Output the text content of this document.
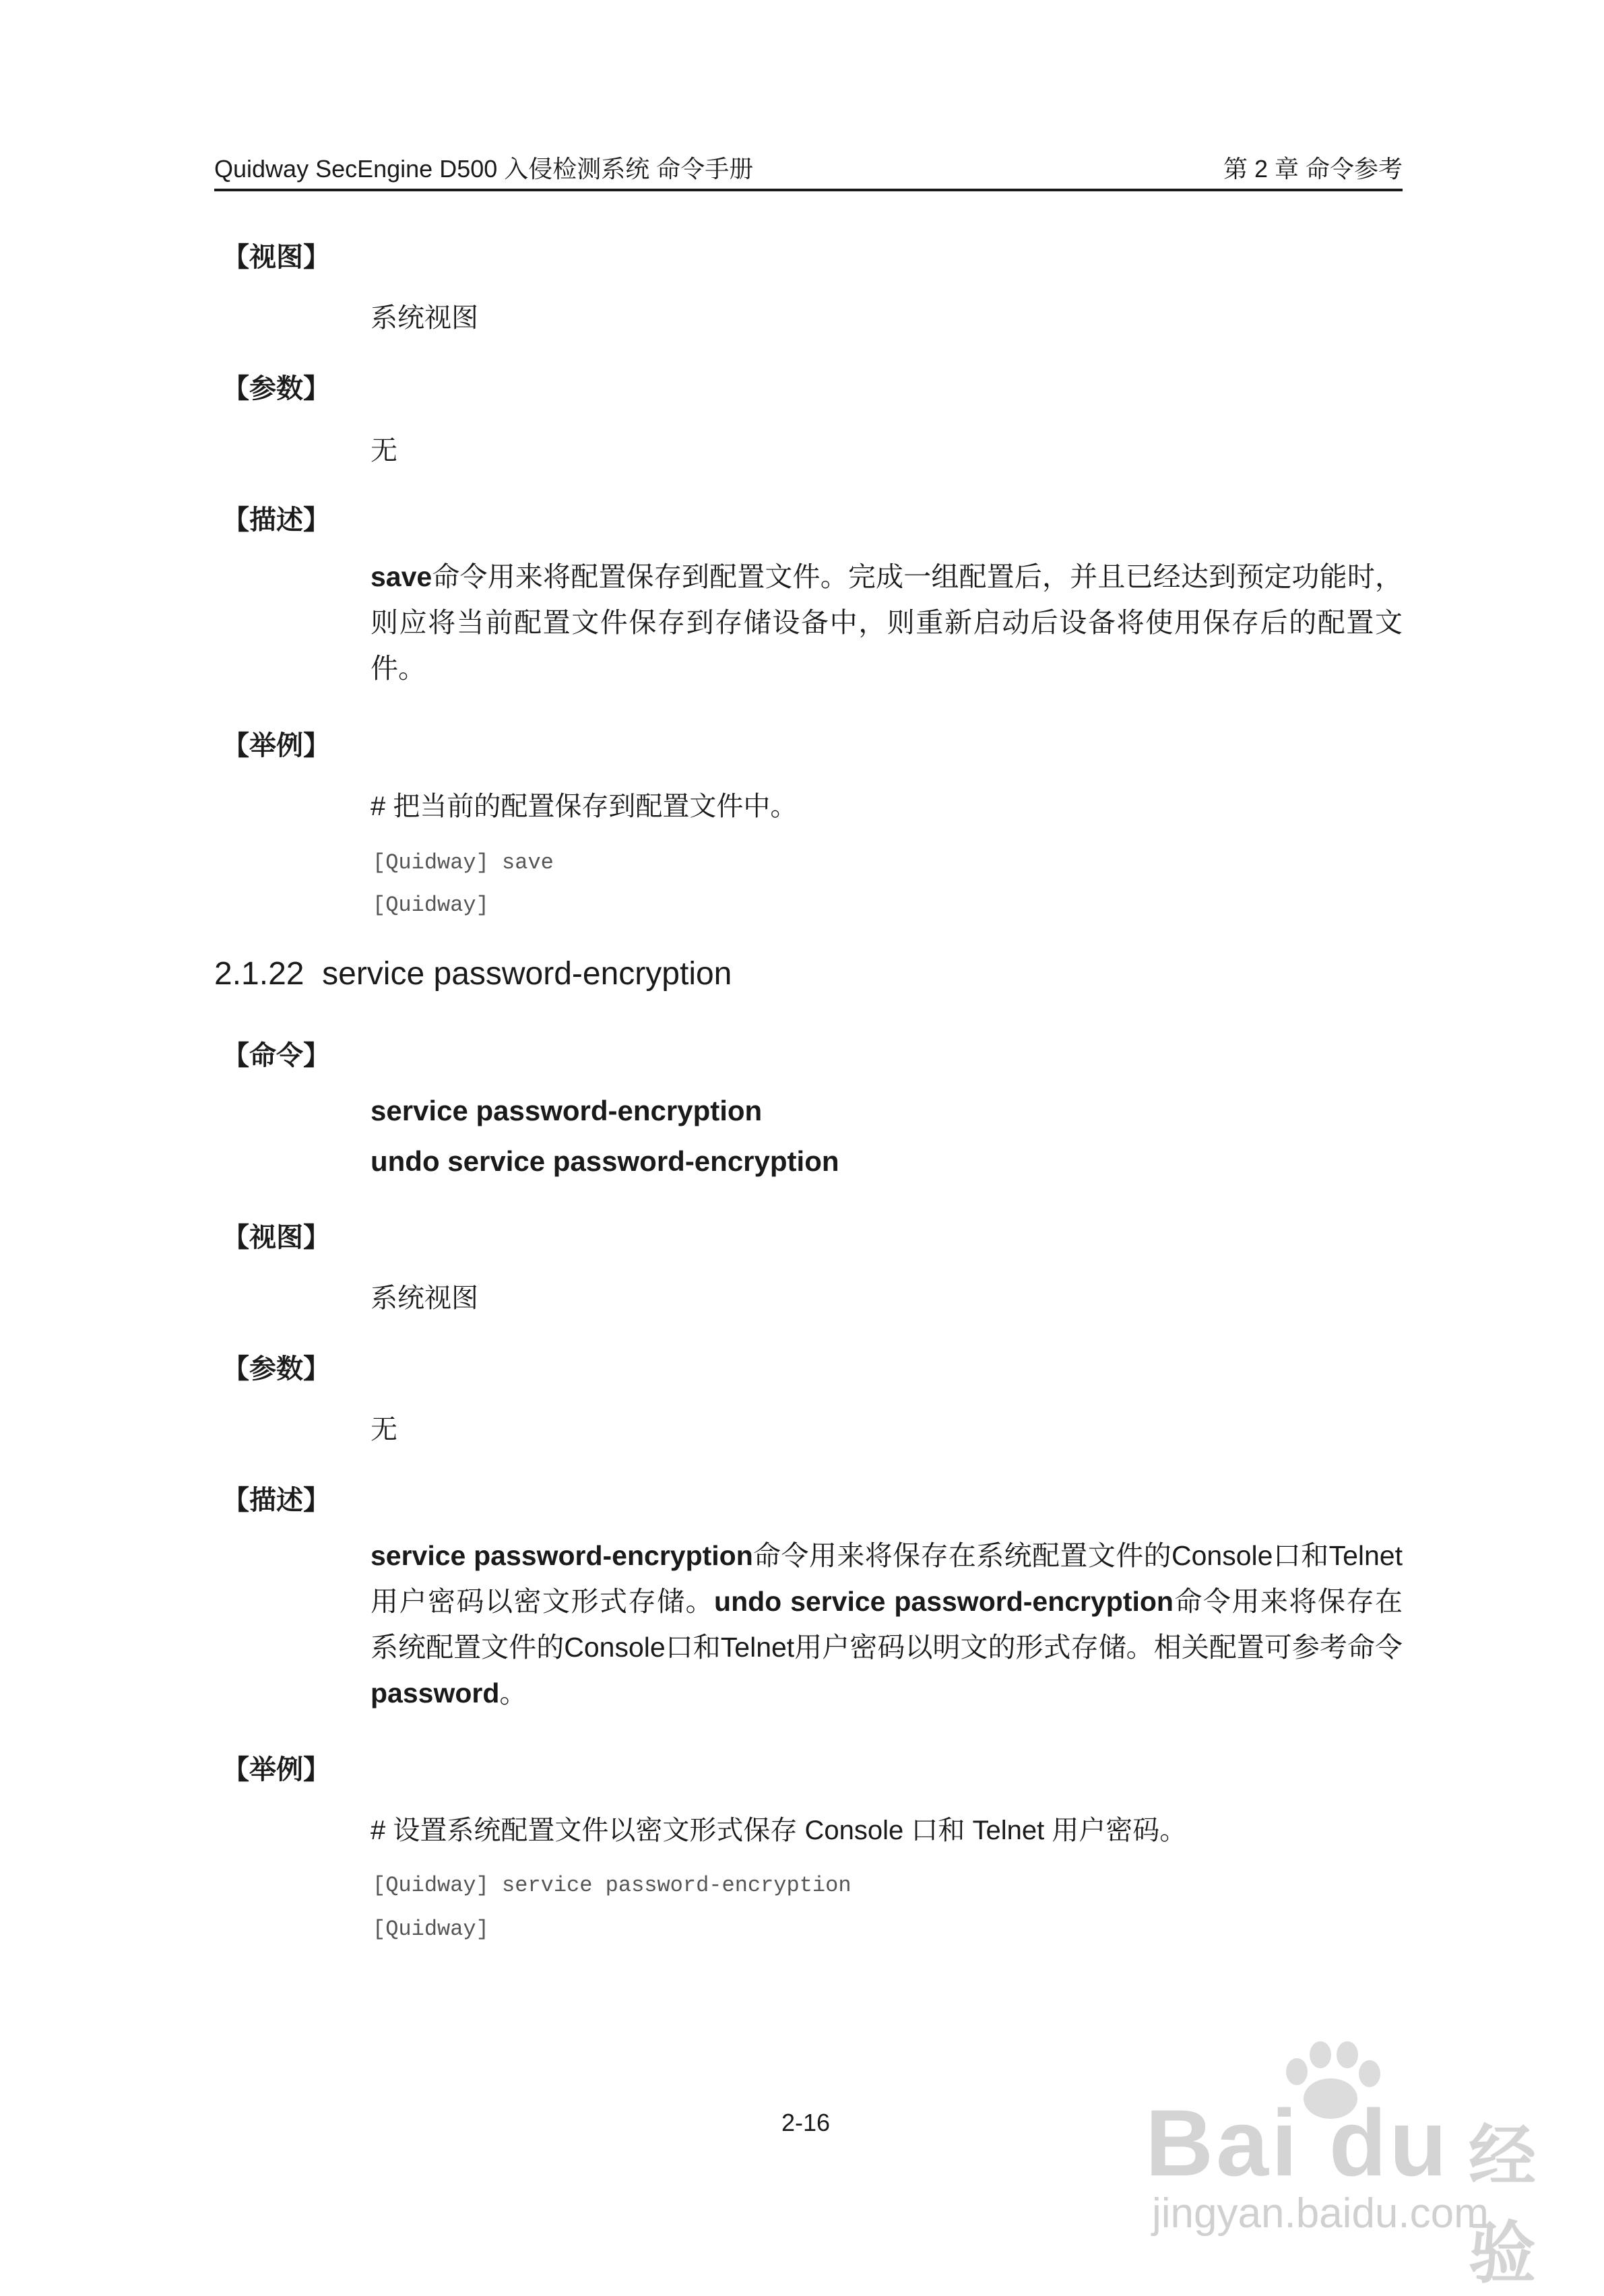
Quidway SecEngine D500 入侵检测系统 命令手册	第 2 章 命令参考
【视图】
系统视图
【参数】
无
【描述】

save命令用来将配置保存到配置文件。完成一组配置后，并且已经达到预定功能时，则应将当前配置文件保存到存储设备中，则重新启动后设备将使用保存后的配置文件。

【举例】
# 把当前的配置保存到配置文件中。
[Quidway] save
[Quidway]
2.1.22 service password-encryption
【命令】
service password-encryption
undo service password-encryption
【视图】
系统视图
【参数】
无
【描述】

service password-encryption命令用来将保存在系统配置文件的Console口和Telnet用户密码以密文形式存储。undo service password-encryption命令用来将保存在系统配置文件的Console口和Telnet用户密码以明文的形式存储。相关配置可参考命令password。

【举例】
# 设置系统配置文件以密文形式保存 Console 口和 Telnet 用户密码。
[Quidway] service password-encryption
[Quidway]
2-16	Bai du 经验
jingyan.baidu.com
